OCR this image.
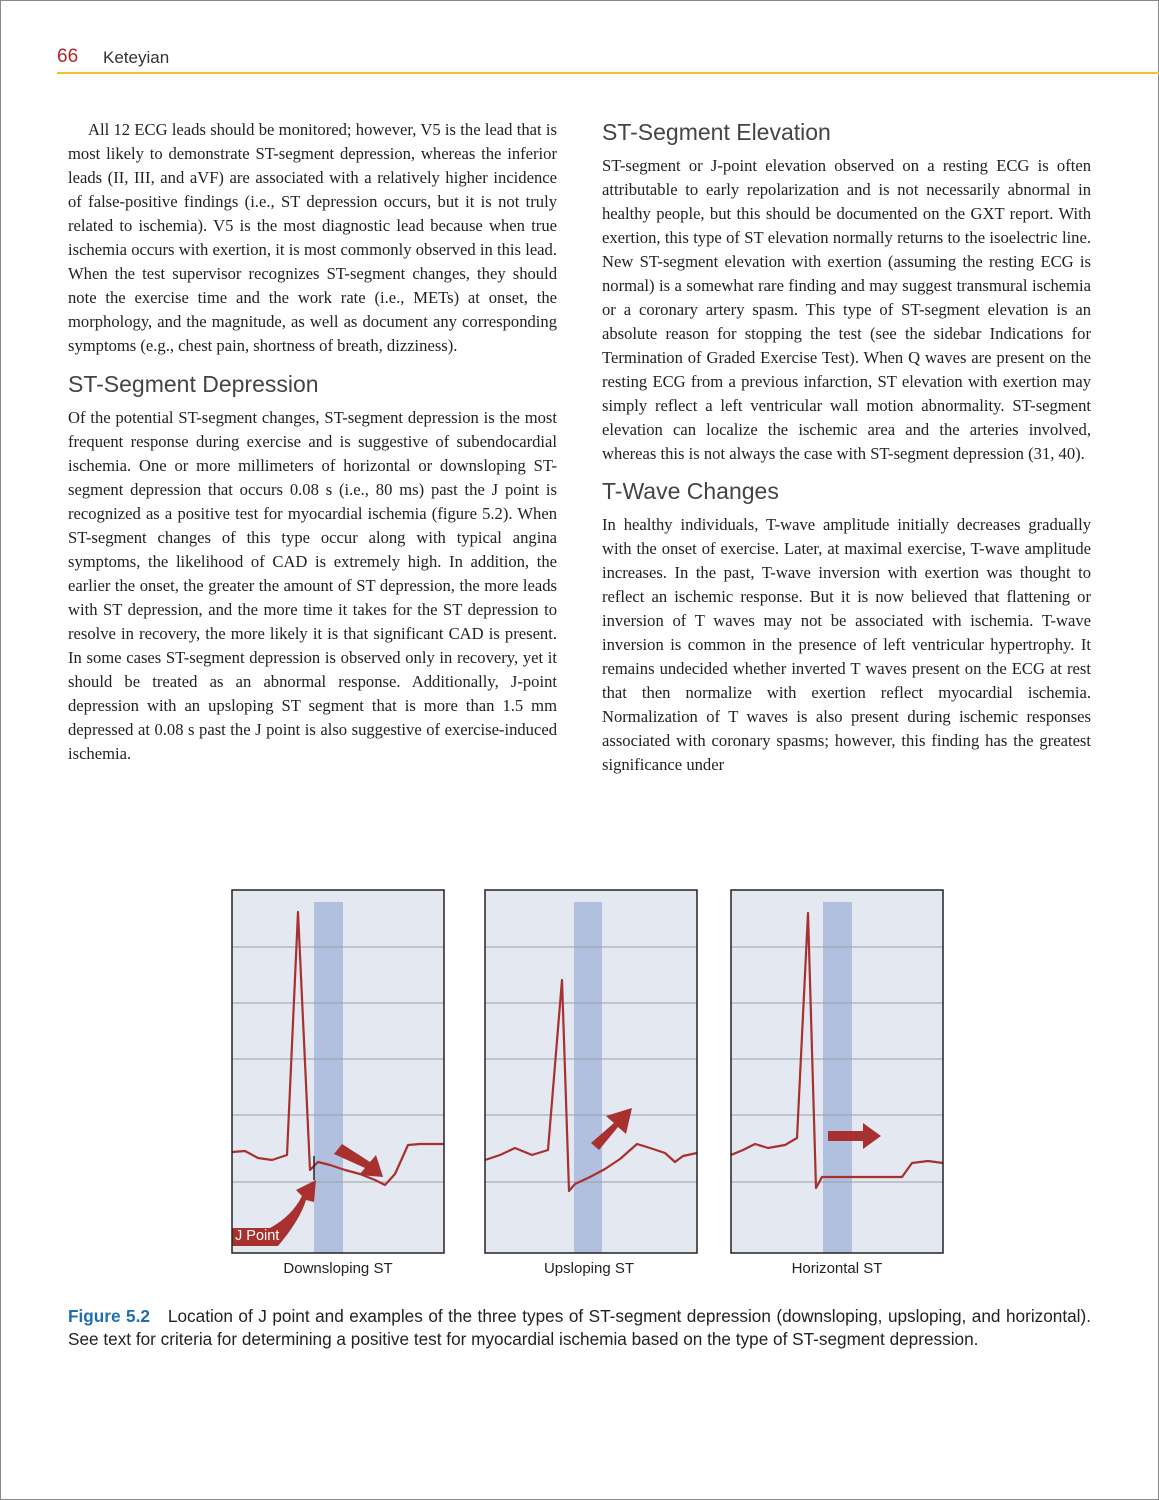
66 Keteyian

All 12 ECG leads should be monitored; however, V5 is the lead that is most likely to demonstrate ST-segment depression, whereas the inferior leads (II, III, and aVF) are associated with a relatively higher incidence of false-positive findings (i.e., ST depression occurs, but it is not truly related to ischemia). V5 is the most diagnostic lead because when true ischemia occurs with exertion, it is most commonly observed in this lead. When the test supervisor recognizes ST-segment changes, they should note the exercise time and the work rate (i.e., METs) at onset, the morphology, and the magnitude, as well as document any corresponding symptoms (e.g., chest pain, shortness of breath, dizziness).

ST-Segment Depression

Of the potential ST-segment changes, ST-segment depression is the most frequent response during exercise and is suggestive of subendocardial ischemia. One or more millimeters of horizontal or downsloping ST-segment depression that occurs 0.08 s (i.e., 80 ms) past the J point is recognized as a positive test for myocardial ischemia (figure 5.2). When ST-segment changes of this type occur along with typical angina symptoms, the likelihood of CAD is extremely high. In addition, the earlier the onset, the greater the amount of ST depression, the more leads with ST depression, and the more time it takes for the ST depression to resolve in recovery, the more likely it is that significant CAD is present. In some cases ST-segment depression is observed only in recovery, yet it should be treated as an abnormal response. Additionally, J-point depression with an upsloping ST segment that is more than 1.5 mm depressed at 0.08 s past the J point is also suggestive of exercise-induced ischemia.

ST-Segment Elevation

ST-segment or J-point elevation observed on a resting ECG is often attributable to early repolarization and is not necessarily abnormal in healthy people, but this should be documented on the GXT report. With exertion, this type of ST elevation normally returns to the isoelectric line. New ST-segment elevation with exertion (assuming the resting ECG is normal) is a somewhat rare finding and may suggest transmural ischemia or a coronary artery spasm. This type of ST-segment elevation is an absolute reason for stopping the test (see the sidebar Indications for Termination of Graded Exercise Test). When Q waves are present on the resting ECG from a previous infarction, ST elevation with exertion may simply reflect a left ventricular wall motion abnormality. ST-segment elevation can localize the ischemic area and the arteries involved, whereas this is not always the case with ST-segment depression (31, 40).

T-Wave Changes

In healthy individuals, T-wave amplitude initially decreases gradually with the onset of exercise. Later, at maximal exercise, T-wave amplitude increases. In the past, T-wave inversion with exertion was thought to reflect an ischemic response. But it is now believed that flattening or inversion of T waves may not be associated with ischemia. T-wave inversion is common in the presence of left ventricular hypertrophy. It remains undecided whether inverted T waves present on the ECG at rest that then normalize with exertion reflect myocardial ischemia. Normalization of T waves is also present during ischemic responses associated with coronary spasms; however, this finding has the greatest significance under

J Point
Downsloping ST	Upsloping ST	Horizontal ST

Figure 5.2 Location of J point and examples of the three types of ST-segment depression (downsloping, upsloping, and horizontal). See text for criteria for determining a positive test for myocardial ischemia based on the type of ST-segment depression.
